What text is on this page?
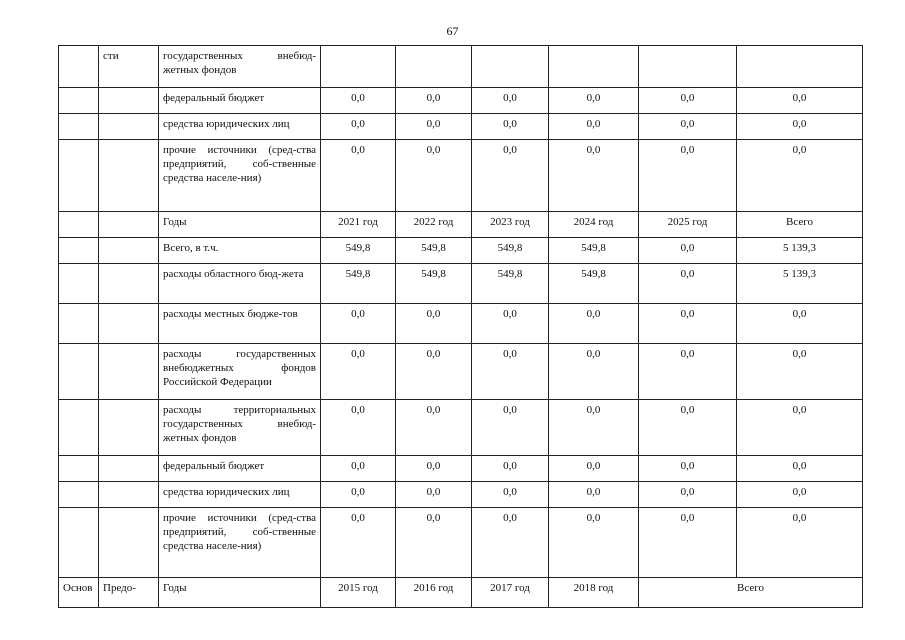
67
	сти	государственных внебюд-жетных фондов						
		федеральный бюджет	0,0	0,0	0,0	0,0	0,0	0,0
		средства юридических лиц	0,0	0,0	0,0	0,0	0,0	0,0
		прочие источники (сред-ства предприятий, соб-ственные средства населе-ния)	0,0	0,0	0,0	0,0	0,0	0,0
		Годы	2021 год	2022 год	2023 год	2024 год	2025 год	Всего
		Всего, в т.ч.	549,8	549,8	549,8	549,8	0,0	5 139,3
		расходы областного бюд-жета	549,8	549,8	549,8	549,8	0,0	5 139,3
		расходы местных бюдже-тов	0,0	0,0	0,0	0,0	0,0	0,0
		расходы государственных внебюджетных фондов Российской Федерации	0,0	0,0	0,0	0,0	0,0	0,0
		расходы территориальных государственных внебюд-жетных фондов	0,0	0,0	0,0	0,0	0,0	0,0
		федеральный бюджет	0,0	0,0	0,0	0,0	0,0	0,0
		средства юридических лиц	0,0	0,0	0,0	0,0	0,0	0,0
		прочие источники (сред-ства предприятий, соб-ственные средства населе-ния)	0,0	0,0	0,0	0,0	0,0	0,0
Основ	Предо-	Годы	2015 год	2016 год	2017 год	2018 год	Всего	
